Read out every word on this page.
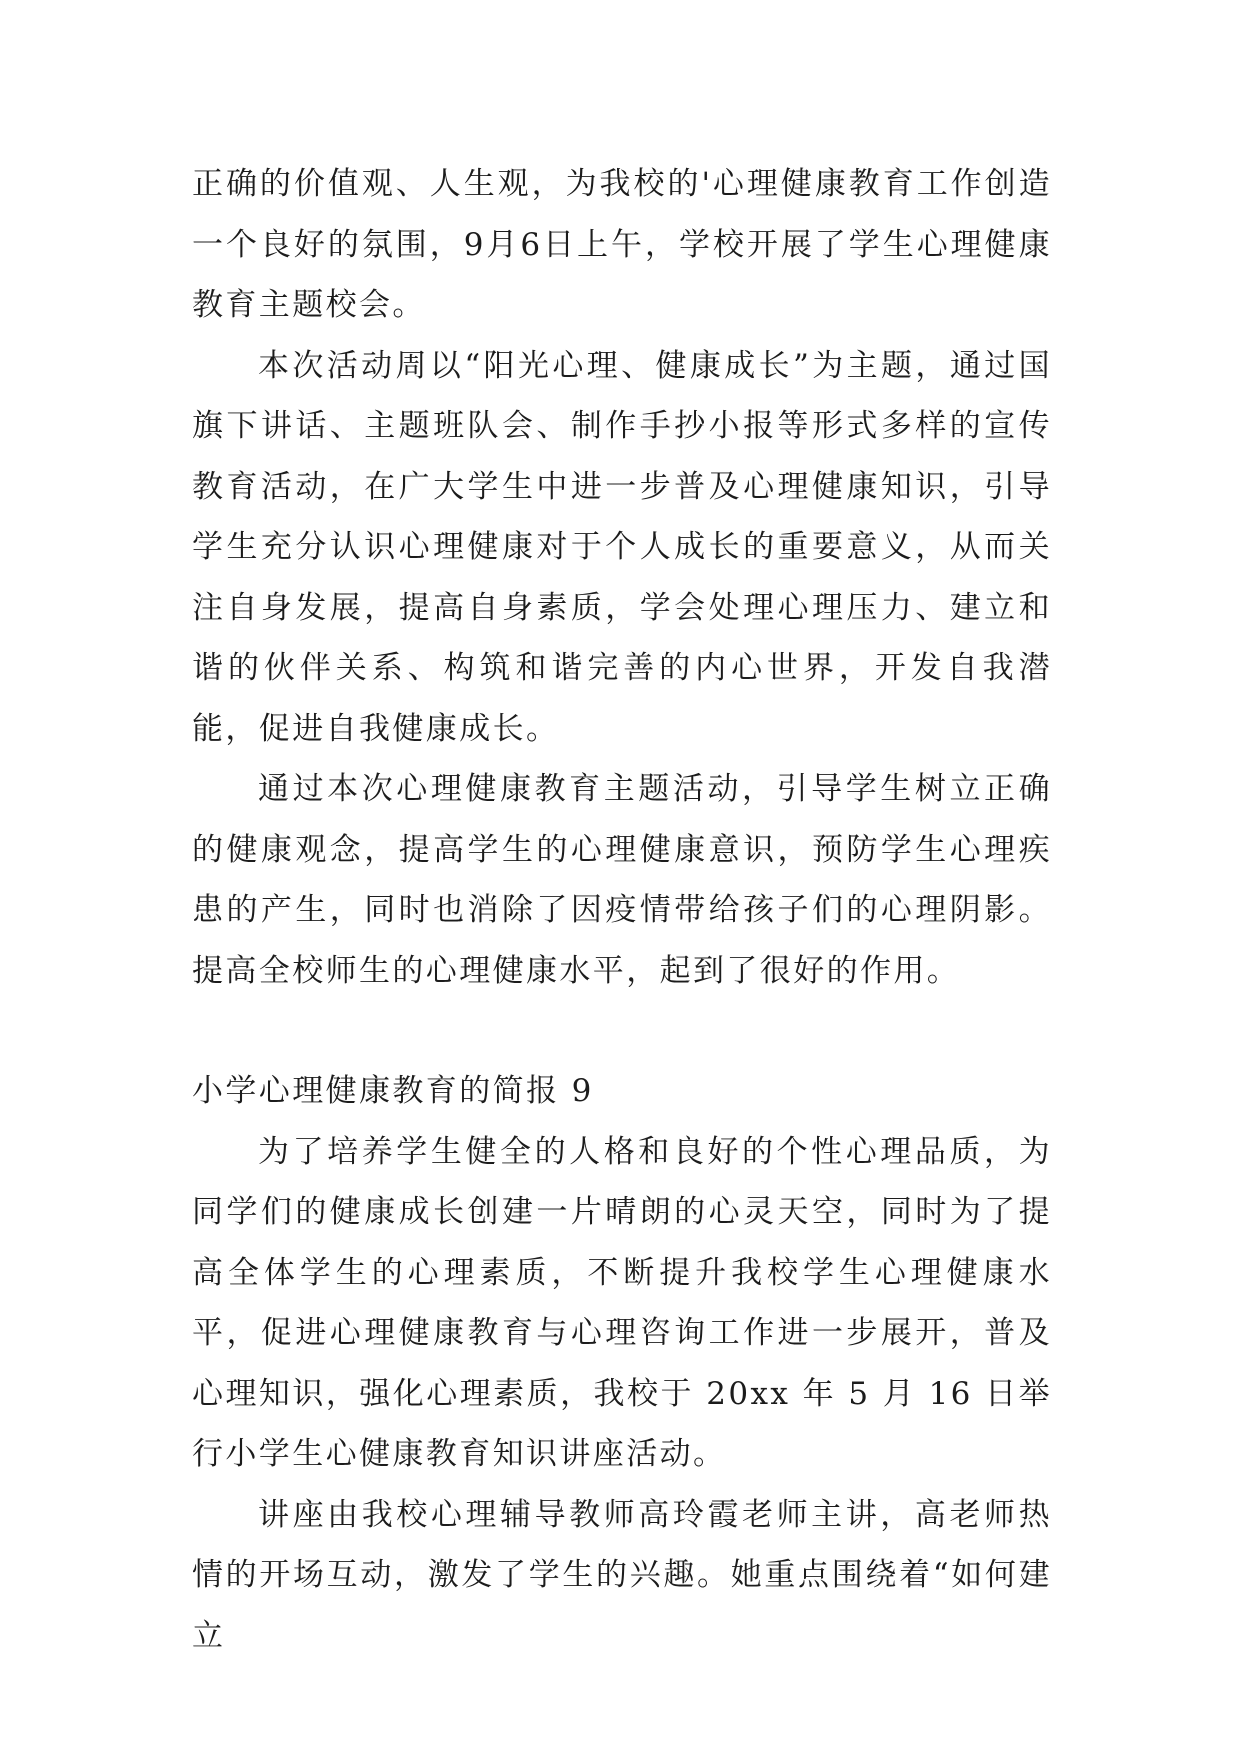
正确的价值观、人生观，为我校的'心理健康教育工作创造一个良好的氛围，9月6日上午，学校开展了学生心理健康教育主题校会。

本次活动周以“阳光心理、健康成长”为主题，通过国旗下讲话、主题班队会、制作手抄小报等形式多样的宣传教育活动，在广大学生中进一步普及心理健康知识，引导学生充分认识心理健康对于个人成长的重要意义，从而关注自身发展，提高自身素质，学会处理心理压力、建立和谐的伙伴关系、构筑和谐完善的内心世界，开发自我潜能，促进自我健康成长。

通过本次心理健康教育主题活动，引导学生树立正确的健康观念，提高学生的心理健康意识，预防学生心理疾患的产生，同时也消除了因疫情带给孩子们的心理阴影。提高全校师生的心理健康水平，起到了很好的作用。

小学心理健康教育的简报 9

为了培养学生健全的人格和良好的个性心理品质，为同学们的健康成长创建一片晴朗的心灵天空，同时为了提高全体学生的心理素质，不断提升我校学生心理健康水平，促进心理健康教育与心理咨询工作进一步展开，普及心理知识，强化心理素质，我校于 20xx 年 5 月 16 日举行小学生心健康教育知识讲座活动。

讲座由我校心理辅导教师高玲霞老师主讲，高老师热情的开场互动，激发了学生的兴趣。她重点围绕着“如何建立
